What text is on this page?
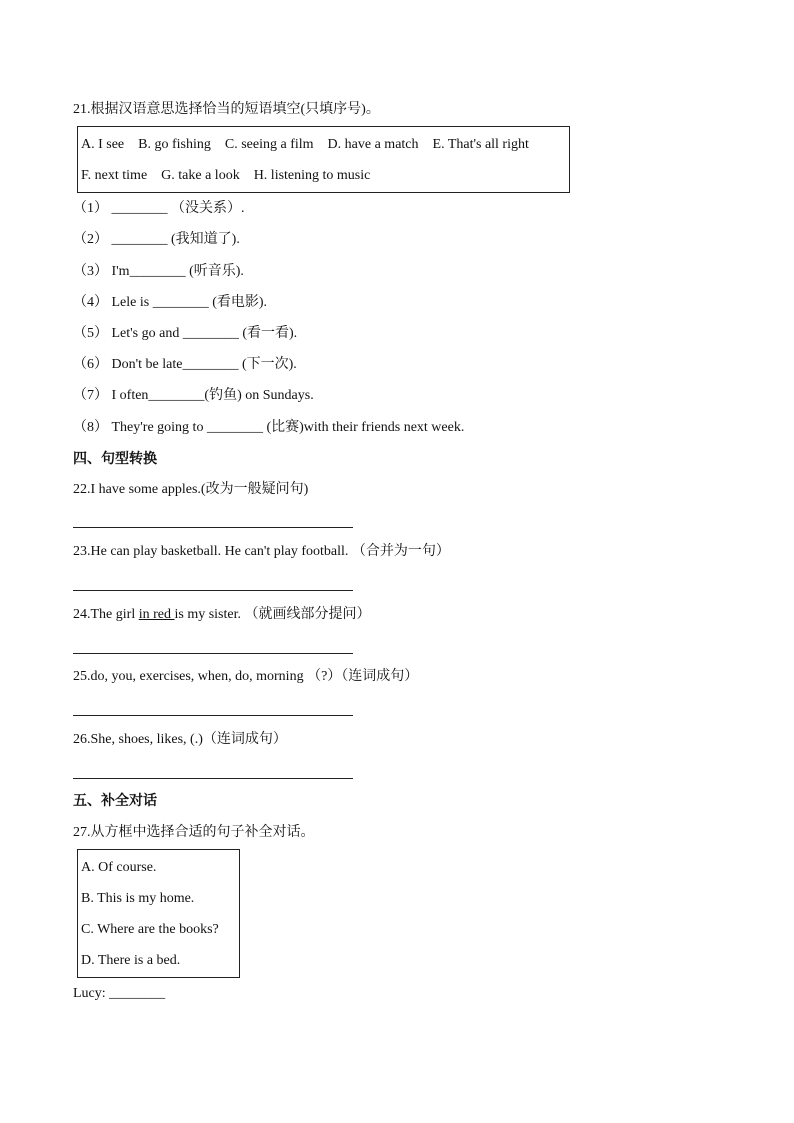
21.根据汉语意思选择恰当的短语填空(只填序号)。
A. I see B. go fishing C. seeing a film D. have a match E. That's all right
F. next time G. take a look H. listening to music
（1） ________ （没关系）.
（2） ________ (我知道了).
（3） I'm________ (听音乐).
（4） Lele is ________ (看电影).
（5） Let's go and ________ (看一看).
（6） Don't be late________ (下一次).
（7） I often________(钓鱼) on Sundays.
（8） They're going to ________ (比赛)with their friends next week.
四、句型转换
22.I have some apples.(改为一般疑问句)
23.He can play basketball. He can't play football. （合并为一句）
24.The girl in red is my sister. （就画线部分提问）
25.do, you, exercises, when, do, morning （?）（连词成句）
26.She, shoes, likes, (.)（连词成句）
五、补全对话
27.从方框中选择合适的句子补全对话。
A. Of course.
B. This is my home.
C. Where are the books?
D. There is a bed.
Lucy: ________
